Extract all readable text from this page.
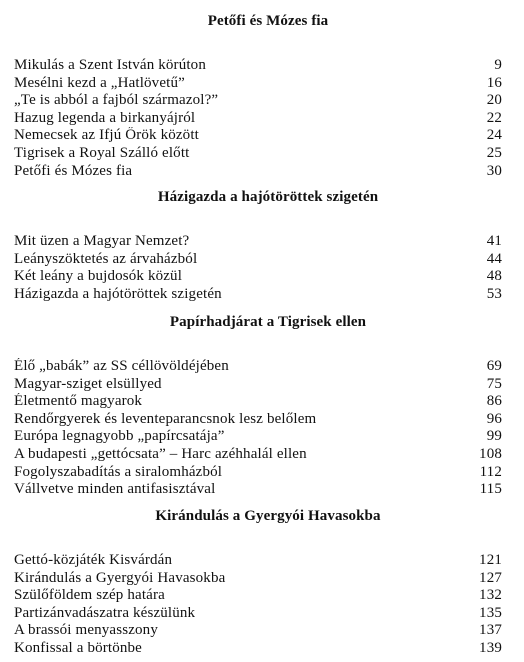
Petőfi és Mózes fia
Mikulás a Szent István körúton	9
Mesélni kezd a „Hatlövetű”	16
„Te is abból a fajból származol?”	20
Hazug legenda a birkanyájról	22
Nemecsek az Ifjú Őrök között	24
Tigrisek a Royal Szálló előtt	25
Petőfi és Mózes fia	30
Házigazda a hajótöröttek szigetén
Mit üzen a Magyar Nemzet?	41
Leányszöktetés az árvaházból	44
Két leány a bujdosók közül	48
Házigazda a hajótöröttek szigetén	53
Papírhadjárat a Tigrisek ellen
Élő „babák” az SS céllövöldéjében	69
Magyar-sziget elsüllyed	75
Életmentő magyarok	86
Rendőrgyerek és leventeparancsnok lesz belőlem	96
Európa legnagyobb „papírcsatája”	99
A budapesti „gettócsata” – Harc azéhhalál ellen	108
Fogolyszabadítás a siralomházból	112
Vállvetve minden antifasisztával	115
Kirándulás a Gyergyói Havasokba
Gettó-közjáték Kisvárdán	121
Kirándulás a Gyergyói Havasokba	127
Szülőföldem szép határa	132
Partizánvadászatra készülünk	135
A brassói menyasszony	137
Konfissal a börtönbe	139
